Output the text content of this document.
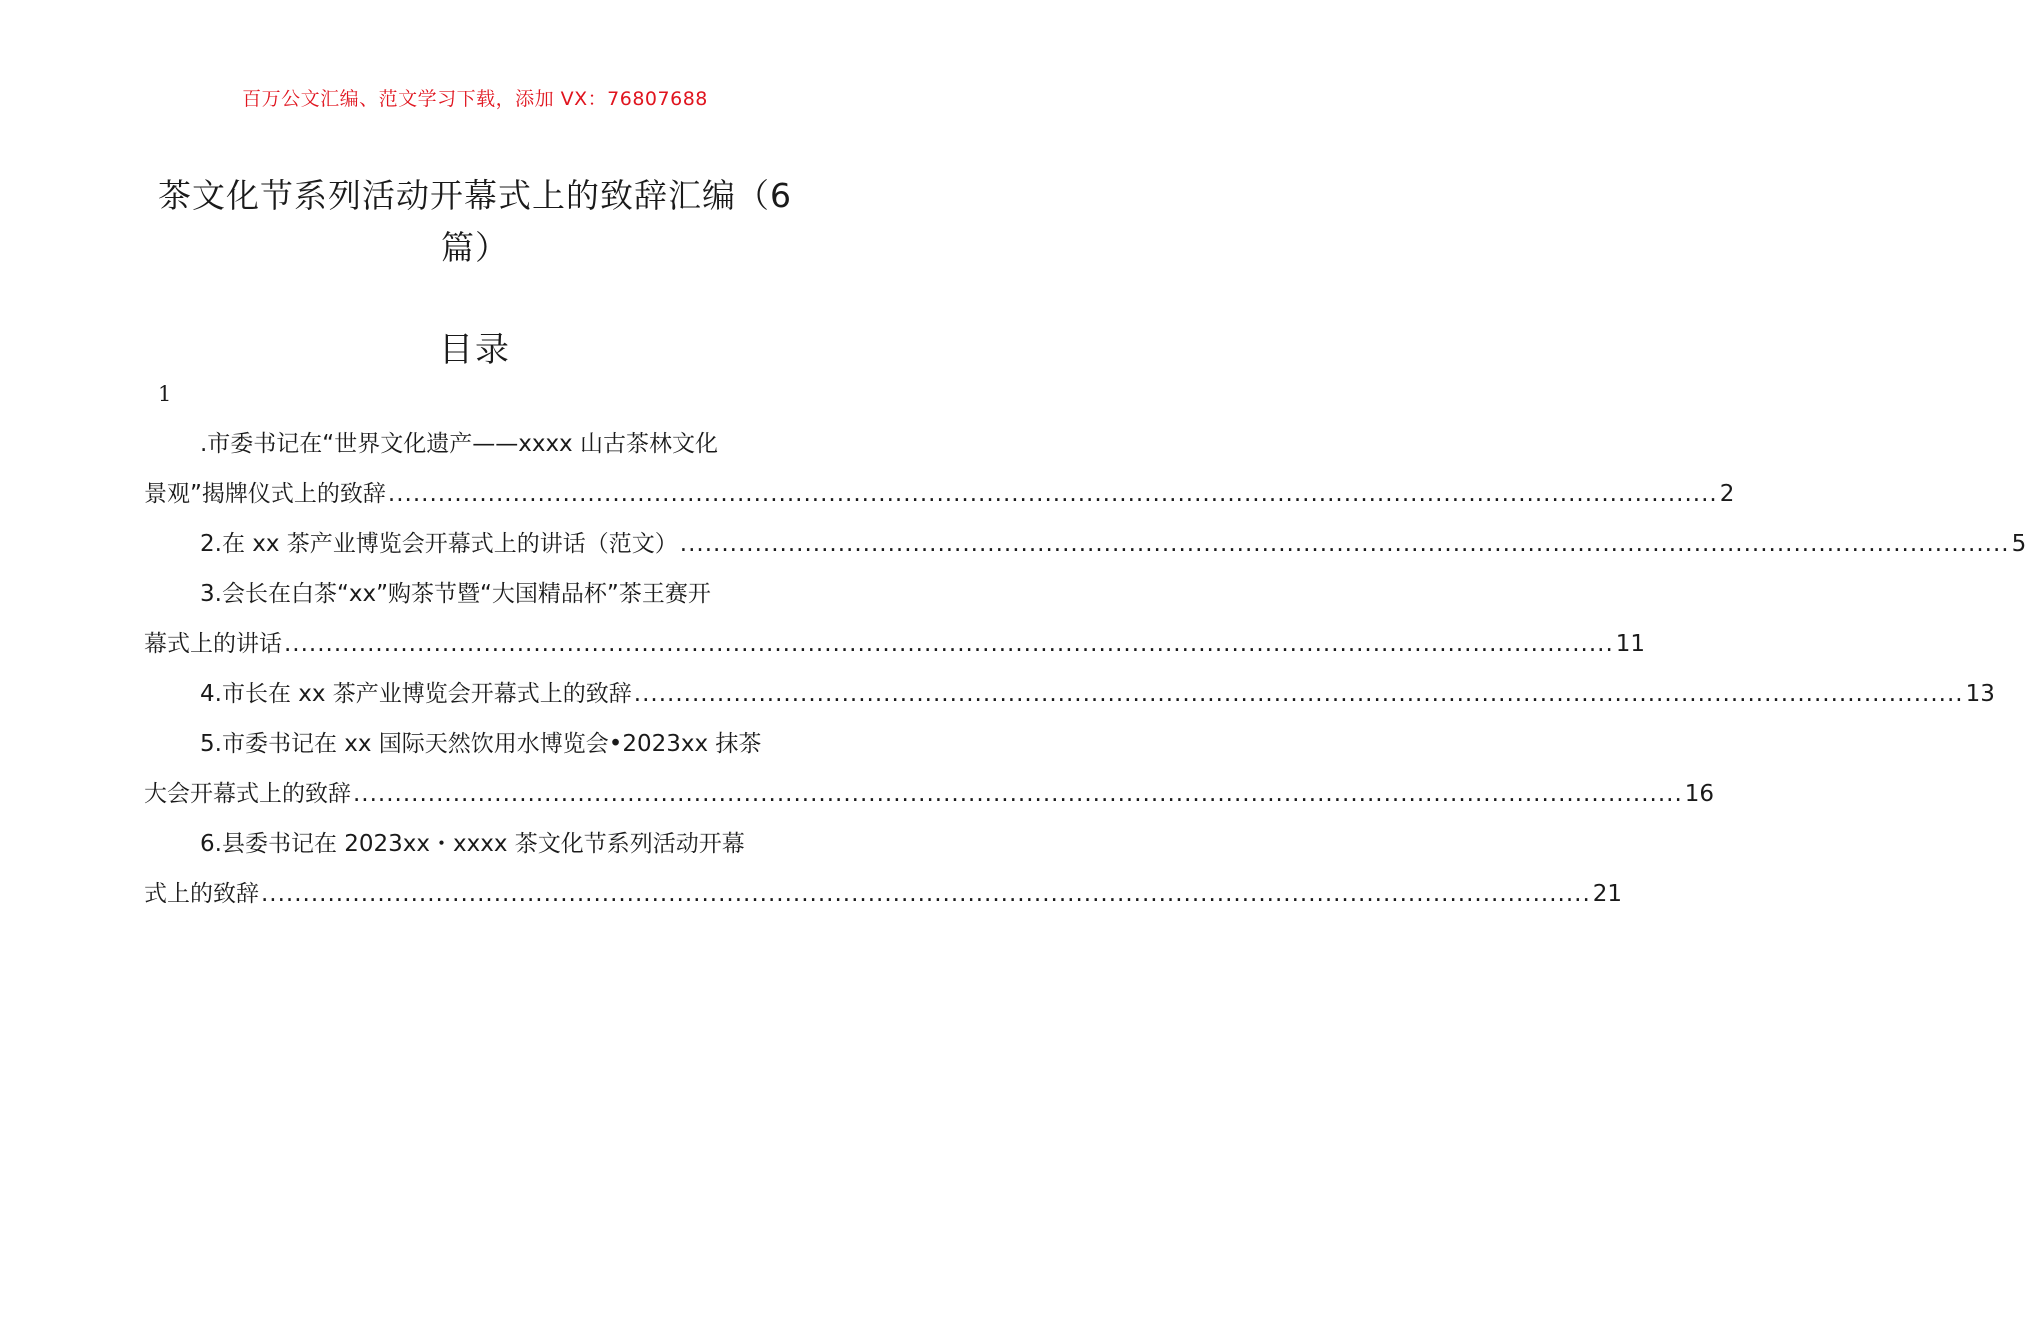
百万公文汇编、范文学习下载，添加 VX：76807688
茶文化节系列活动开幕式上的致辞汇编（6
篇）
目录
1
.市委书记在“世界文化遗产——xxxx 山古茶林文化
景观”揭牌仪式上的致辞 .....	2
2.在 xx 茶产业博览会开幕式上的讲话（范文） .....	5
3.会长在白茶“xx”购茶节暨“大国精品杯”茶王赛开
幕式上的讲话 .....	11
4.市长在 xx 茶产业博览会开幕式上的致辞 .....	13
5.市委书记在 xx 国际天然饮用水博览会•2023xx 抹茶
大会开幕式上的致辞 .....	16
6.县委书记在 2023xx・xxxx 茶文化节系列活动开幕
式上的致辞 .....	21
